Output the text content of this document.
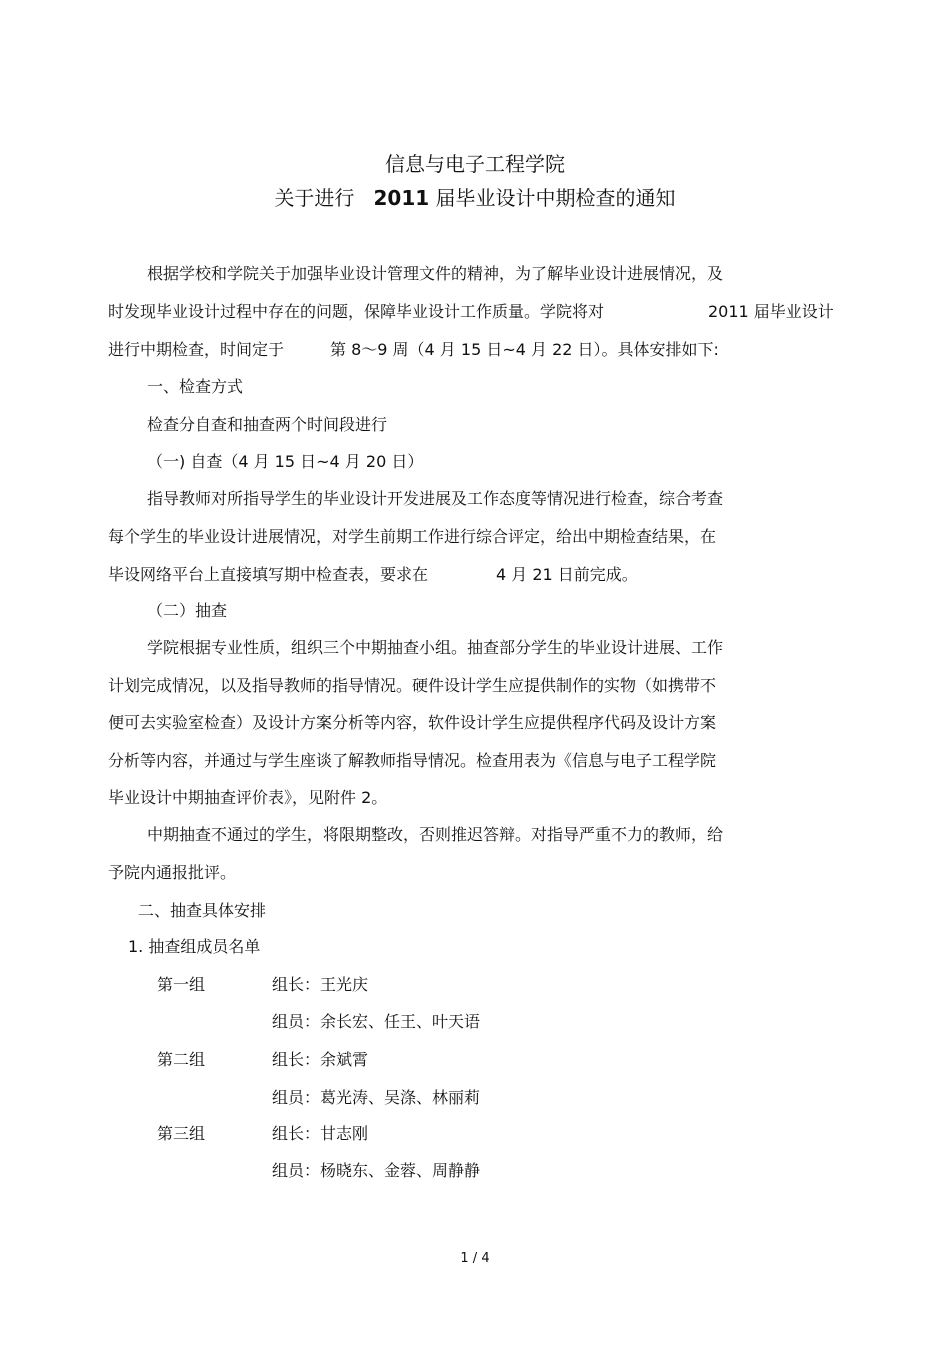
信息与电子工程学院
关于进行 2011 届毕业设计中期检查的通知
根据学校和学院关于加强毕业设计管理文件的精神，为了解毕业设计进展情况，及
时发现毕业设计过程中存在的问题，保障毕业设计工作质量。学院将对	2011 届毕业设计
进行中期检查，时间定于	第 8～9 周（4 月 15 日~4 月 22 日）。具体安排如下:
一、检查方式
检查分自查和抽查两个时间段进行
（一) 自查（4 月 15 日~4 月 20 日）
指导教师对所指导学生的毕业设计开发进展及工作态度等情况进行检查，综合考查
每个学生的毕业设计进展情况，对学生前期工作进行综合评定，给出中期检查结果，在
毕设网络平台上直接填写期中检查表，要求在	4 月 21 日前完成。
（二）抽查
学院根据专业性质，组织三个中期抽查小组。抽查部分学生的毕业设计进展、工作
计划完成情况，以及指导教师的指导情况。硬件设计学生应提供制作的实物（如携带不
便可去实验室检查）及设计方案分析等内容，软件设计学生应提供程序代码及设计方案
分析等内容，并通过与学生座谈了解教师指导情况。检查用表为《信息与电子工程学院
毕业设计中期抽查评价表》，见附件 2。
中期抽查不通过的学生，将限期整改，否则推迟答辩。对指导严重不力的教师，给
予院内通报批评。
二、抽查具体安排
1. 抽查组成员名单
第一组	组长：王光庆
组员：余长宏、任王、叶天语
第二组	组长：余斌霄
组员：葛光涛、吴涤、林丽莉
第三组	组长：甘志刚
组员：杨晓东、金蓉、周静静
1 / 4
